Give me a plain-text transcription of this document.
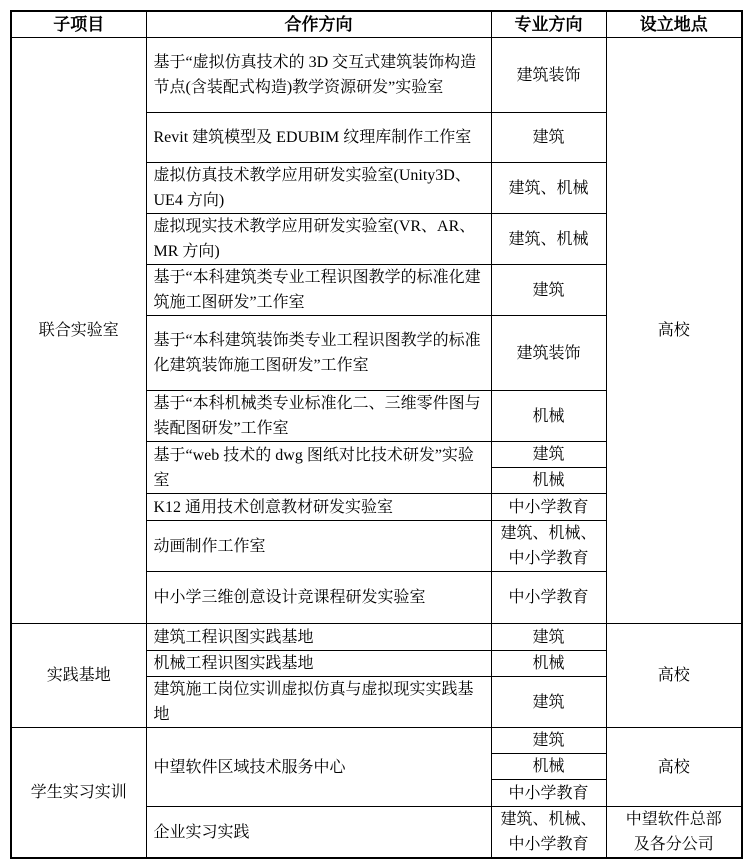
子项目	合作方向	专业方向	设立地点
联合实验室	基于“虚拟仿真技术的 3D 交互式建筑装饰构造节点(含装配式构造)教学资源研发”实验室	建筑装饰	高校
	Revit 建筑模型及 EDUBIM 纹理库制作工作室	建筑	
	虚拟仿真技术教学应用研发实验室(Unity3D、UE4 方向)	建筑、机械	
	虚拟现实技术教学应用研发实验室(VR、AR、MR 方向)	建筑、机械	
	基于“本科建筑类专业工程识图教学的标准化建筑施工图研发”工作室	建筑	
	基于“本科建筑装饰类专业工程识图教学的标准化建筑装饰施工图研发”工作室	建筑装饰	
	基于“本科机械类专业标准化二、三维零件图与装配图研发”工作室	机械	
	基于“web 技术的 dwg 图纸对比技术研发”实验室	建筑	
		机械	
	K12 通用技术创意教材研发实验室	中小学教育	
	动画制作工作室	建筑、机械、中小学教育	
	中小学三维创意设计竞课程研发实验室	中小学教育	
实践基地	建筑工程识图实践基地	建筑	高校
	机械工程识图实践基地	机械	
	建筑施工岗位实训虚拟仿真与虚拟现实实践基地	建筑	
学生实习实训	中望软件区域技术服务中心	建筑	高校
		机械	
		中小学教育	
	企业实习实践	建筑、机械、中小学教育	中望软件总部及各分公司
